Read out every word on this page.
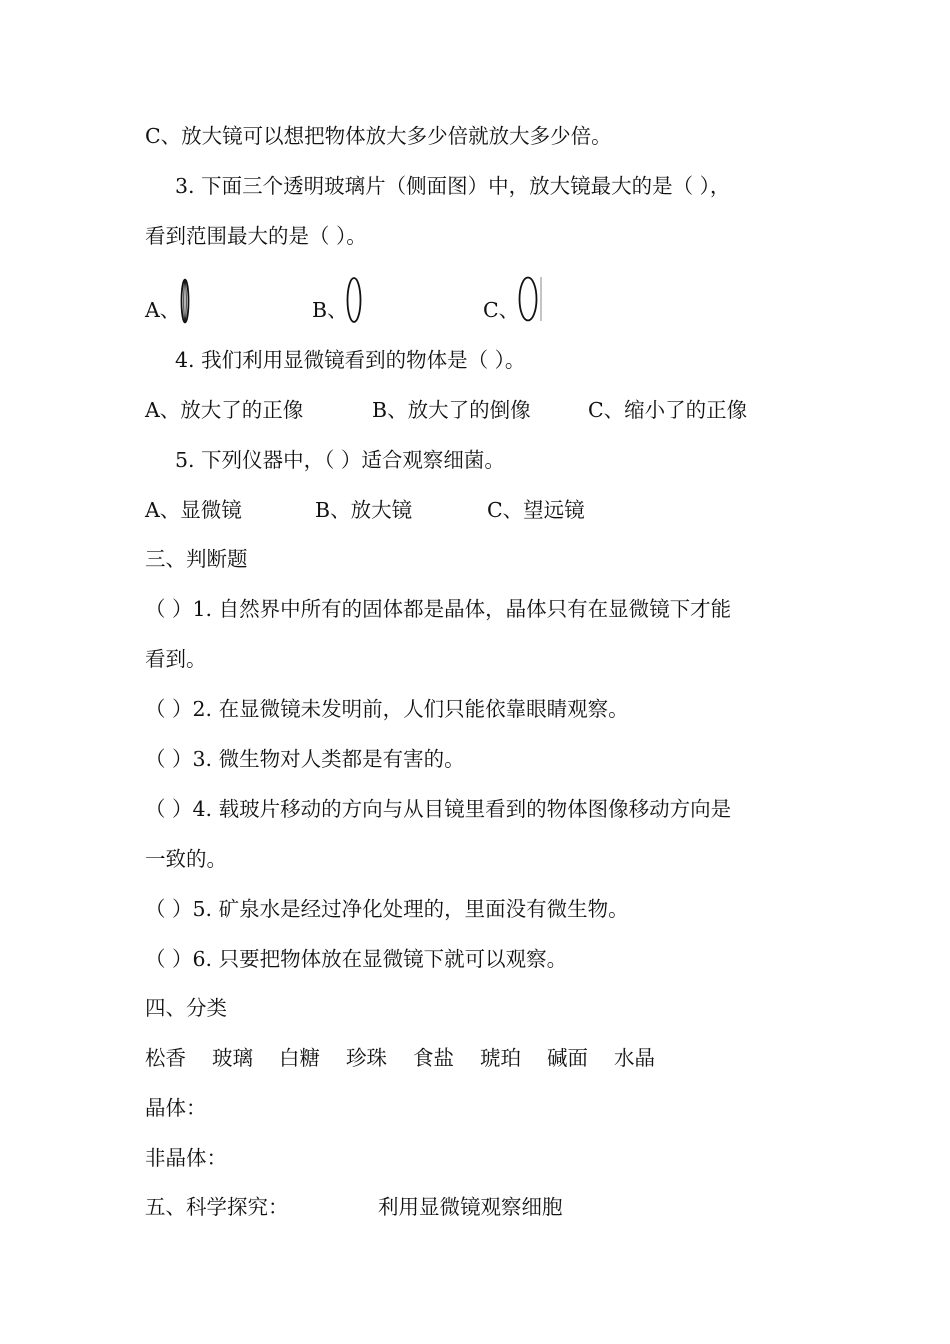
C、放大镜可以想把物体放大多少倍就放大多少倍。
3. 下面三个透明玻璃片（侧面图）中，放大镜最大的是（ ），
看到范围最大的是（ ）。
A、	B、	C、
4. 我们利用显微镜看到的物体是（ ）。
A、放大了的正像	B、放大了的倒像	C、缩小了的正像
5. 下列仪器中，（ ）适合观察细菌。
A、显微镜	B、放大镜	C、望远镜
三、判断题
（ ）1. 自然界中所有的固体都是晶体，晶体只有在显微镜下才能
看到。
（ ）2. 在显微镜未发明前，人们只能依靠眼睛观察。
（ ）3. 微生物对人类都是有害的。
（ ）4. 载玻片移动的方向与从目镜里看到的物体图像移动方向是
一致的。
（ ）5. 矿泉水是经过净化处理的，里面没有微生物。
（ ）6. 只要把物体放在显微镜下就可以观察。
四、分类
松香 玻璃 白糖 珍珠 食盐 琥珀 碱面 水晶
晶体：
非晶体：
五、科学探究：	利用显微镜观察细胞
